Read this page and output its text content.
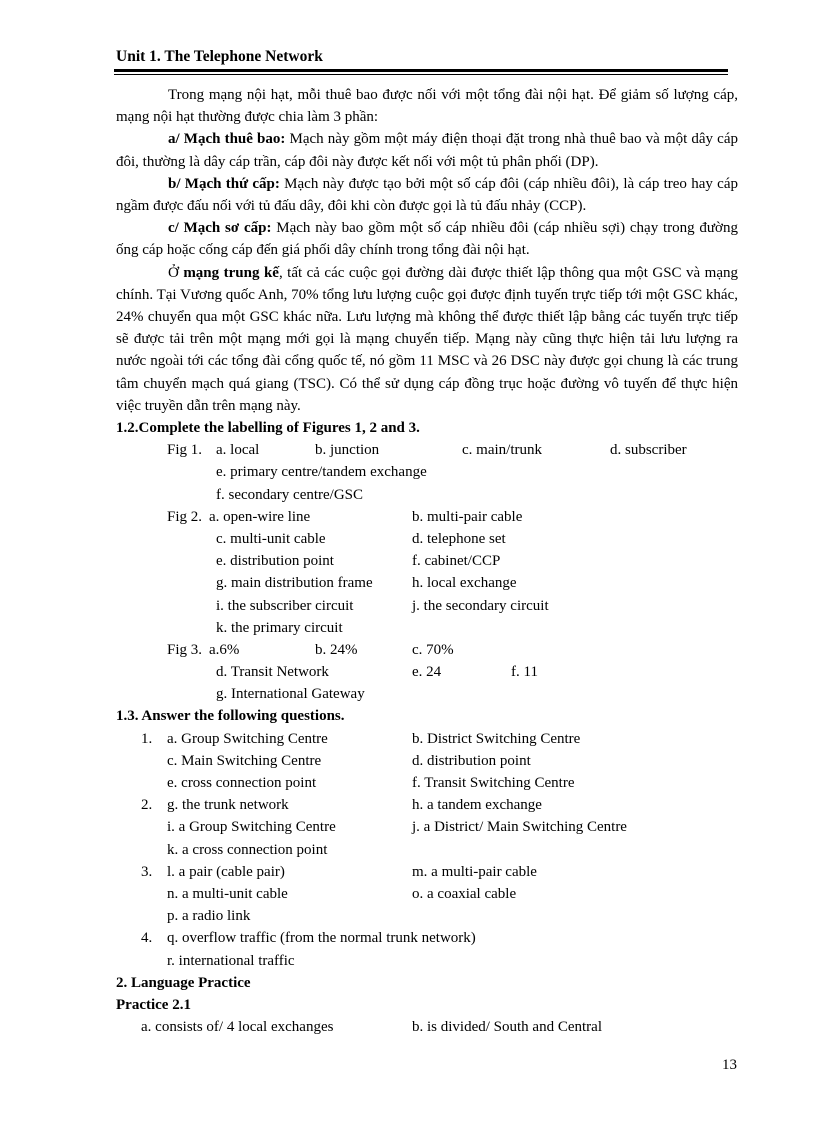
Unit 1. The Telephone Network

Trong mạng nội hạt, mỗi thuê bao được nối với một tổng đài nội hạt. Để giảm số lượng cáp, mạng nội hạt thường được chia làm 3 phần:

a/ Mạch thuê bao: Mạch này gồm một máy điện thoại đặt trong nhà thuê bao và một dây cáp đôi, thường là dây cáp trần, cáp đôi này được kết nối với một tủ phân phối (DP).

b/ Mạch thứ cấp: Mạch này được tạo bởi một số cáp đôi (cáp nhiều đôi), là cáp treo hay cáp ngầm được đấu nối với tủ đấu dây, đôi khi còn được gọi là tủ đấu nhảy (CCP).

c/ Mạch sơ cấp: Mạch này bao gồm một số cáp nhiều đôi (cáp nhiều sợi) chạy trong đường ống cáp hoặc cống cáp đến giá phối dây chính trong tổng đài nội hạt.

Ở mạng trung kế, tất cả các cuộc gọi đường dài được thiết lập thông qua một GSC và mạng chính. Tại Vương quốc Anh, 70% tổng lưu lượng cuộc gọi được định tuyến trực tiếp tới một GSC khác, 24% chuyển qua một GSC khác nữa. Lưu lượng mà không thể được thiết lập bằng các tuyến trực tiếp sẽ được tải trên một mạng mới gọi là mạng chuyển tiếp. Mạng này cũng thực hiện tải lưu lượng ra nước ngoài tới các tổng đài cổng quốc tế, nó gồm 11 MSC và 26 DSC này được gọi chung là các trung tâm chuyển mạch quá giang (TSC). Có thể sử dụng cáp đồng trục hoặc đường vô tuyến để thực hiện việc truyền dẫn trên mạng này.

1.2.Complete the labelling of Figures 1, 2 and 3.
Fig 1. a. local	b. junction	c. main/trunk	d. subscriber
e. primary centre/tandem exchange
f. secondary centre/GSC
Fig 2. a. open-wire line	b. multi-pair cable
c. multi-unit cable	d. telephone set
e. distribution point	f. cabinet/CCP
g. main distribution frame	h. local exchange
i. the subscriber circuit	j. the secondary circuit
k. the primary circuit
Fig 3. a.6%	b. 24%	c. 70%
d. Transit Network	e. 24	f. 11
g. International Gateway
1.3. Answer the following questions.
1. a. Group Switching Centre	b. District Switching Centre
c. Main Switching Centre	d. distribution point
e. cross connection point	f. Transit Switching Centre
2. g. the trunk network	h. a tandem exchange
i. a Group Switching Centre	j. a District/ Main Switching Centre
k. a cross connection point
3. l. a pair (cable pair)	m. a multi-pair cable
n. a multi-unit cable	o. a coaxial cable
p. a radio link
4. q. overflow traffic (from the normal trunk network)
r. international traffic
2. Language Practice
Practice 2.1
a. consists of/ 4 local exchanges	b. is divided/ South and Central
13
